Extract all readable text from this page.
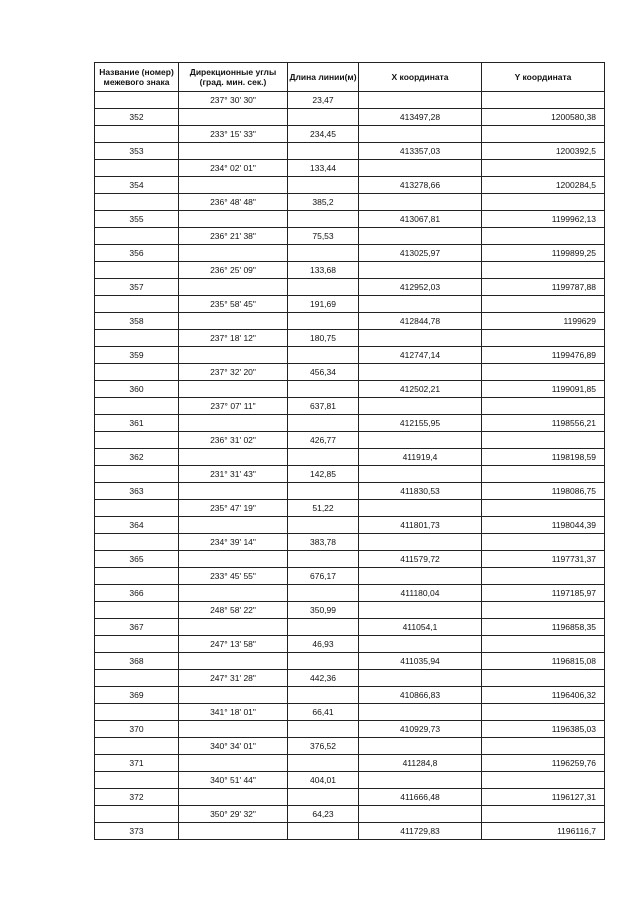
Название (номер) межевого знака	Дирекционные углы (град. мин. сек.)	Длина линии(м)	X координата	Y координата
	237° 30' 30"	23,47		
352			413497,28	1200580,38
	233° 15' 33"	234,45		
353			413357,03	1200392,5
	234° 02' 01"	133,44		
354			413278,66	1200284,5
	236° 48' 48"	385,2		
355			413067,81	1199962,13
	236° 21' 38"	75,53		
356			413025,97	1199899,25
	236° 25' 09"	133,68		
357			412952,03	1199787,88
	235° 58' 45"	191,69		
358			412844,78	1199629
	237° 18' 12"	180,75		
359			412747,14	1199476,89
	237° 32' 20"	456,34		
360			412502,21	1199091,85
	237° 07' 11"	637,81		
361			412155,95	1198556,21
	236° 31' 02"	426,77		
362			411919,4	1198198,59
	231° 31' 43"	142,85		
363			411830,53	1198086,75
	235° 47' 19"	51,22		
364			411801,73	1198044,39
	234° 39' 14"	383,78		
365			411579,72	1197731,37
	233° 45' 55"	676,17		
366			411180,04	1197185,97
	248° 58' 22"	350,99		
367			411054,1	1196858,35
	247° 13' 58"	46,93		
368			411035,94	1196815,08
	247° 31' 28"	442,36		
369			410866,83	1196406,32
	341° 18' 01"	66,41		
370			410929,73	1196385,03
	340° 34' 01"	376,52		
371			411284,8	1196259,76
	340° 51' 44"	404,01		
372			411666,48	1196127,31
	350° 29' 32"	64,23		
373			411729,83	1196116,7
